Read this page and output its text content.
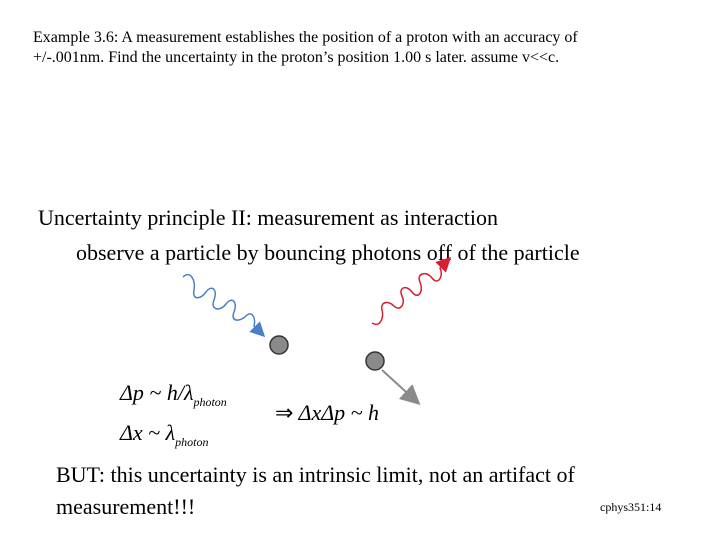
Example 3.6: A measurement establishes the position of a proton with an accuracy of

+/-.001nm. Find the uncertainty in the proton’s position 1.00 s later. assume v<<c.

Uncertainty principle II: measurement as interaction
observe a particle by bouncing photons off of the particle
Δp ~ $h/\lambda_{photon}$
Δx ~ $\lambda_{photon}$
⇒ ΔxΔp ~ h
BUT: this uncertainty is an intrinsic limit, not an artifact of
measurement!!!	cphys351:14
